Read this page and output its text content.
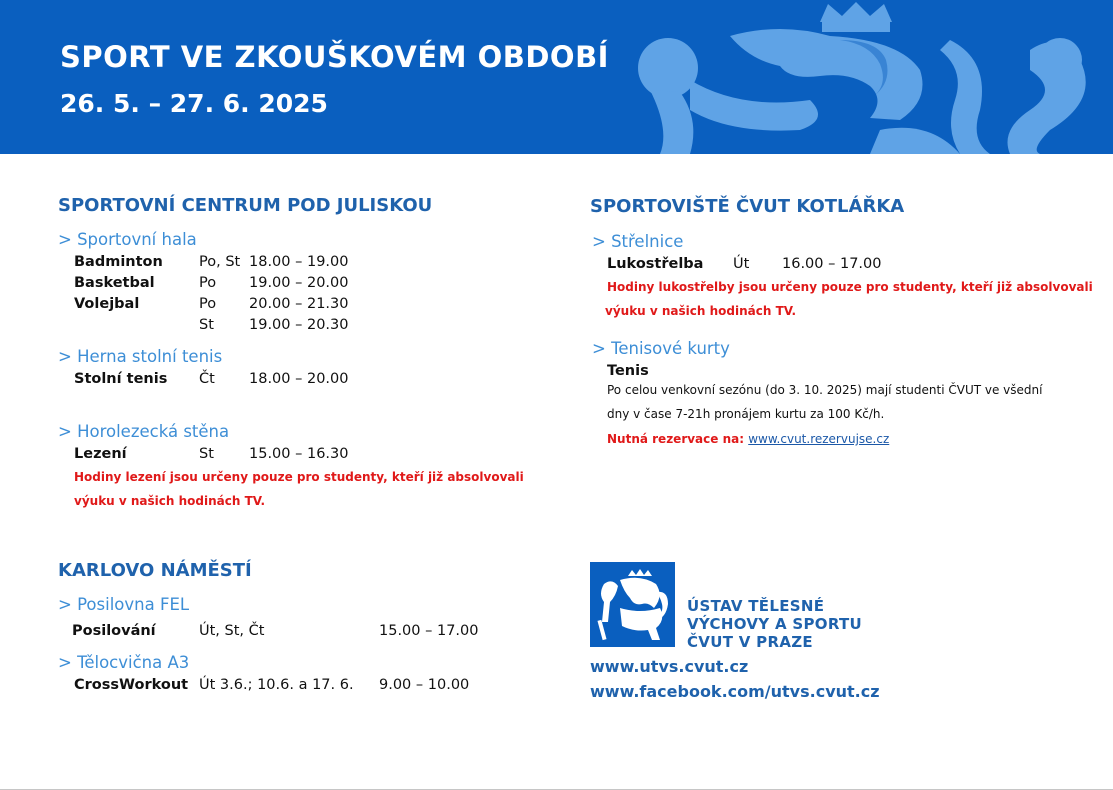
SPORT VE ZKOUŠKOVÉM OBDOBÍ
26. 5. – 27. 6. 2025
SPORTOVNÍ CENTRUM POD JULISKOU
> Sportovní hala
Badminton Po, St 18.00 – 19.00
Basketbal	Po 19.00 – 20.00
Volejbal	Po 20.00 – 21.30
St 19.00 – 20.30
> Herna stolní tenis
Stolní tenis Čt 18.00 – 20.00
> Horolezecká stěna
Lezení	St 15.00 – 16.30
Hodiny lezení jsou určeny pouze pro studenty, kteří již absolvovali
výuku v našich hodinách TV.
KARLOVO NÁMĚSTÍ
> Posilovna FEL
Posilování	Út, St, Čt	15.00 – 17.00
> Tělocvična A3
CrossWorkout Út 3.6.; 10.6. a 17. 6. 9.00 – 10.00
SPORTOVIŠTĚ ČVUT KOTLÁŘKA
> Střelnice
Lukostřelba Út 16.00 – 17.00
Hodiny lukostřelby jsou určeny pouze pro studenty, kteří již absolvovali
výuku v našich hodinách TV.
> Tenisové kurty
Tenis
Po celou venkovní sezónu (do 3. 10. 2025) mají studenti ČVUT ve všední
dny v čase 7-21h pronájem kurtu za 100 Kč/h.
Nutná rezervace na: www.cvut.rezervujse.cz
ÚSTAV TĚLESNÉ
VÝCHOVY A SPORTU
ČVUT V PRAZE
www.utvs.cvut.cz
www.facebook.com/utvs.cvut.cz
